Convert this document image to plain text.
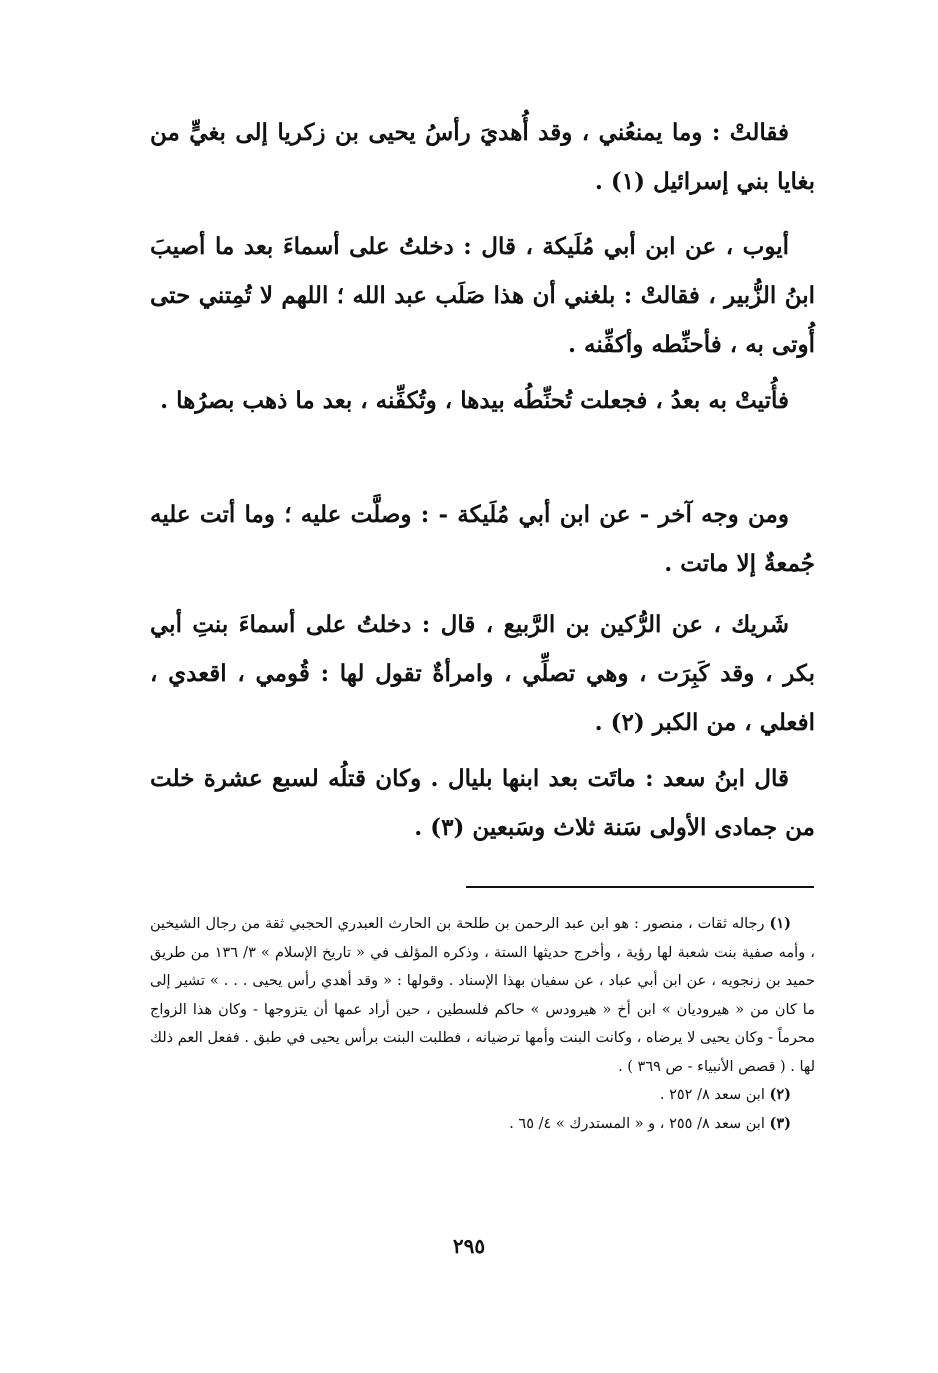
فقالتْ : وما يمنعُني ، وقد أُهديَ رأسُ يحيى بن زكريا إلى بغيٍّ من بغايا بني إسرائيل (١) .

أيوب ، عن ابن أبي مُلَيكة ، قال : دخلتُ على أسماءَ بعد ما أصيبَ ابنُ الزُّبير ، فقالتْ : بلغني أن هذا صَلَب عبد الله ؛ اللهم لا تُمِتني حتى أُوتى به ، فأحنِّطه وأكفِّنه .

فأُتيتْ به بعدُ ، فجعلت تُحنِّطُه بيدها ، وتُكفِّنه ، بعد ما ذهب بصرُها .

ومن وجه آخر - عن ابن أبي مُلَيكة - : وصلَّت عليه ؛ وما أتت عليه جُمعةٌ إلا ماتت .

شَريك ، عن الرُّكين بن الرَّبيع ، قال : دخلتُ على أسماءَ بنتِ أبي بكر ، وقد كَبِرَت ، وهي تصلِّي ، وامرأةٌ تقول لها : قُومي ، اقعدي ، افعلي ، من الكبر (٢) .

قال ابنُ سعد : ماتَت بعد ابنها بليال . وكان قتلُه لسبع عشرة خلت من جمادى الأولى سَنة ثلاث وسَبعين (٣) .

(١) رجاله ثقات ، منصور : هو ابن عبد الرحمن بن طلحة بن الحارث العبدري الحجبي ثقة من رجال الشيخين ، وأمه صفية بنت شعبة لها رؤية ، وأخرج حديثها الستة ، وذكره المؤلف في « تاريخ الإسلام » ٣/ ١٣٦ من طريق حميد بن زنجويه ، عن ابن أبي عباد ، عن سفيان بهذا الإسناد . وقولها : « وقد أهدي رأس يحيى . . . » تشير إلى ما كان من « هيروديان » ابن أخ « هيرودس » حاكم فلسطين ، حين أراد عمها أن يتزوجها - وكان هذا الزواج محرماً - وكان يحيى لا يرضاه ، وكانت البنت وأمها ترضيانه ، فطلبت البنت برأس يحيى في طبق . ففعل العم ذلك لها . ( قصص الأنبياء - ص ٣٦٩ ) .

(٢) ابن سعد ٨/ ٢٥٢ .

(٣) ابن سعد ٨/ ٢٥٥ ، و « المستدرك » ٤/ ٦٥ .

٢٩٥
